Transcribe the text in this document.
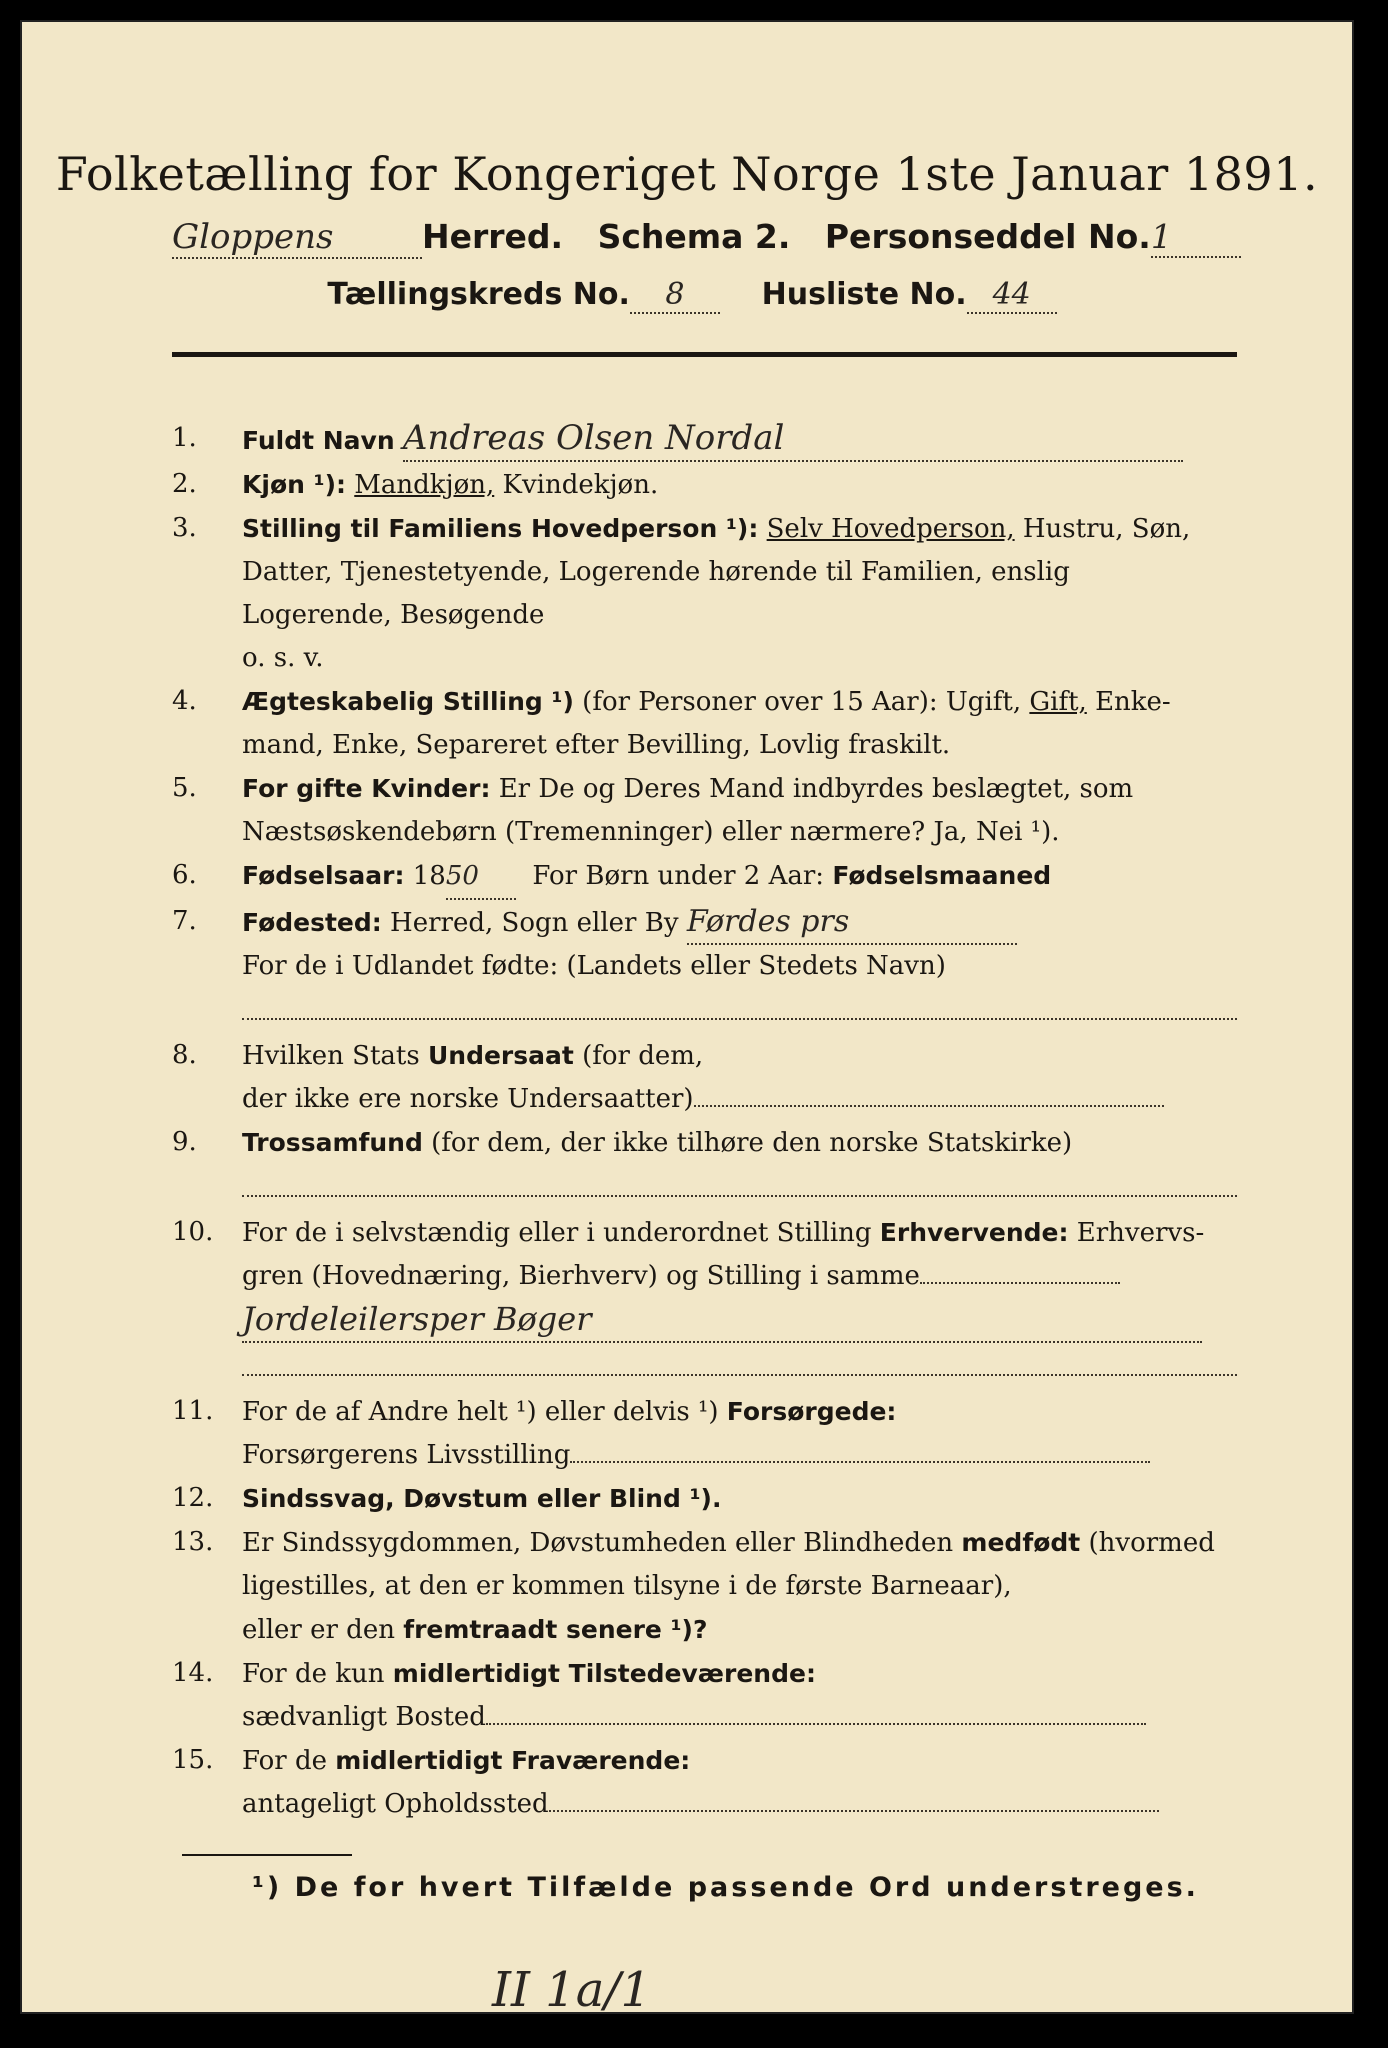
Folketælling for Kongeriget Norge 1ste Januar 1891.
Gloppens	Herred. Schema 2. Personseddel No.1
Tællingskreds No. 8	Husliste No. 44
1.	Fuldt Navn Andreas Olsen Nordal
2.	Kjøn ¹): Mandkjøn, Kvindekjøn.
3.	Stilling til Familiens Hovedperson ¹): Selv Hovedperson, Hustru, Søn,
Datter, Tjenestetyende, Logerende hørende til Familien, enslig
Logerende, Besøgende
o. s. v.
4.	Ægteskabelig Stilling ¹) (for Personer over 15 Aar): Ugift, Gift, Enke-
mand, Enke, Separeret efter Bevilling, Lovlig fraskilt.
5.	For gifte Kvinder: Er De og Deres Mand indbyrdes beslægtet, som
Næstsøskendebørn (Tremenninger) eller nærmere? Ja, Nei ¹).
6.	Fødselsaar: 1850 For Børn under 2 Aar: Fødselsmaaned
7.	Fødested: Herred, Sogn eller By Førdes prs
For de i Udlandet fødte: (Landets eller Stedets Navn)
8.	Hvilken Stats Undersaat (for dem,
der ikke ere norske Undersaatter)
9.	Trossamfund (for dem, der ikke tilhøre den norske Statskirke)
10.	For de i selvstændig eller i underordnet Stilling Erhvervende: Erhvervs-
gren (Hovednæring, Bierhverv) og Stilling i samme
Jordeleilersper Bøger
11.	For de af Andre helt ¹) eller delvis ¹) Forsørgede:
Forsørgerens Livsstilling
12.	Sindssvag, Døvstum eller Blind ¹).
13.	Er Sindssygdommen, Døvstumheden eller Blindheden medfødt (hvormed
ligestilles, at den er kommen tilsyne i de første Barneaar),
eller er den fremtraadt senere ¹)?
14.	For de kun midlertidigt Tilstedeværende:
sædvanligt Bosted
15.	For de midlertidigt Fraværende:
antageligt Opholdssted
¹) De for hvert Tilfælde passende Ord understreges.
II 1a/1
